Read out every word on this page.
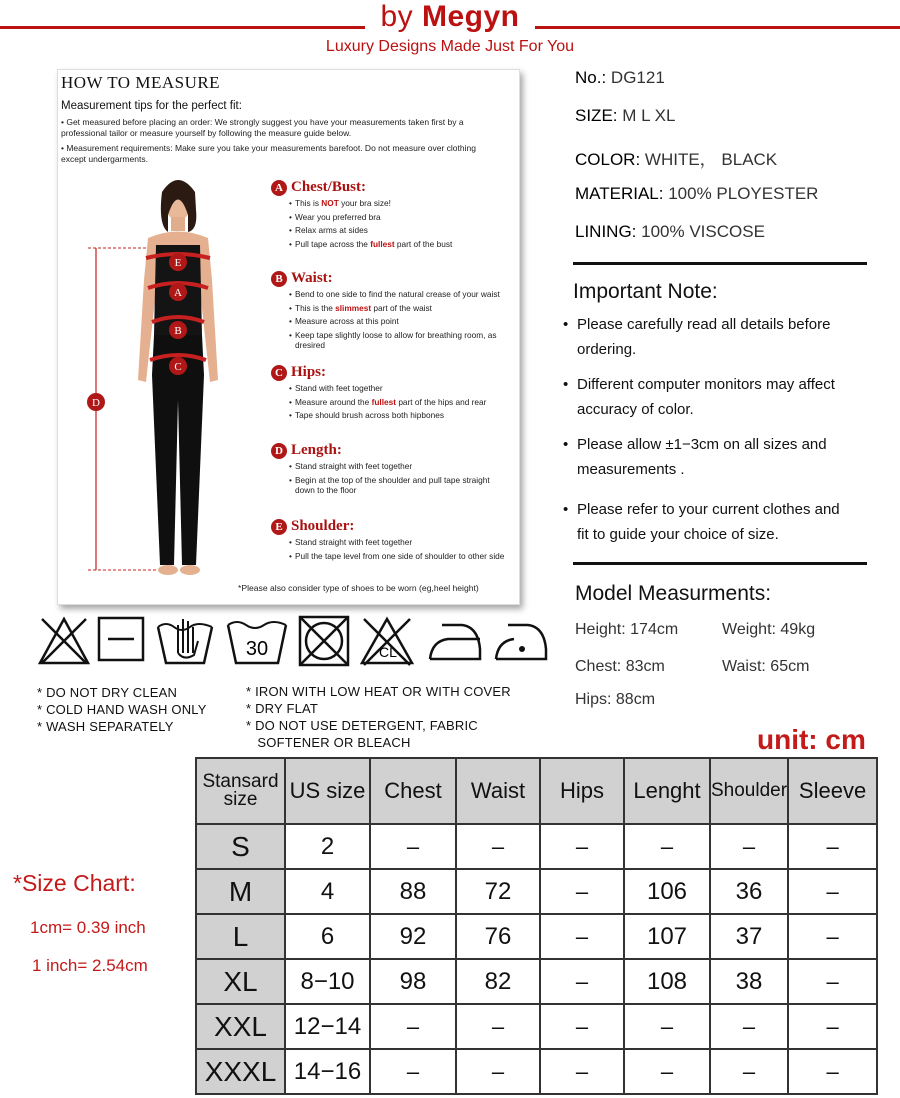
by Megyn
Luxury Designs Made Just For You
HOW TO MEASURE
Measurement tips for the perfect fit:
• Get measured before placing an order: We strongly suggest you have your measurements taken first by a professional tailor or measure yourself by following the measure guide below.
• Measurement requirements: Make sure you take your measurements barefoot. Do not measure over clothing except undergarments.
E
A
B
C
D
A Chest/Bust:
• This is NOT your bra size!
• Wear you preferred bra
• Relax arms at sides
• Pull tape across the fullest part of the bust
B Waist:
• Bend to one side to find the natural crease of your waist
• This is the slimmest part of the waist
• Measure across at this point
• Keep tape slightly loose to allow for breathing room, as dresired
C Hips:
• Stand with feet together
• Measure around the fullest part of the hips and rear
• Tape should brush across both hipbones
D Length:
• Stand straight with feet together
• Begin at the top of the shoulder and pull tape straight down to the floor
E Shoulder:
• Stand straight with feet together
• Pull the tape level from one side of shoulder to other side
*Please also consider type of shoes to be worn (eg,heel height)
No.: DG121
SIZE: M L XL
COLOR: WHITE， BLACK
MATERIAL: 100% PLOYESTER
LINING: 100% VISCOSE
Important Note:
• Please carefully read all details before
ordering.
• Different computer monitors may affect
accuracy of color.
• Please allow ±1−3cm on all sizes and
measurements .
• Please refer to your current clothes and
fit to guide your choice of size.
Model Measurments:
Height: 174cm	Weight: 49kg
Chest: 83cm	Waist: 65cm
Hips: 88cm
30	CL
* DO NOT DRY CLEAN
* COLD HAND WASH ONLY
* WASH SEPARATELY
* IRON WITH LOW HEAT OR WITH COVER
* DRY FLAT
* DO NOT USE DETERGENT, FABRIC
SOFTENER OR BLEACH	unit: cm
*Size Chart:
1cm= 0.39 inch
1 inch= 2.54cm
Stansard
size	US size	Chest	Waist	Hips	Lenght	Shoulder	Sleeve
S	2	–	–	–	–	–	–
M	4	88	72	–	106	36	–
L	6	92	76	–	107	37	–
XL	8−10	98	82	–	108	38	–
XXL	12−14	–	–	–	–	–	–
XXXL	14−16	–	–	–	–	–	–
